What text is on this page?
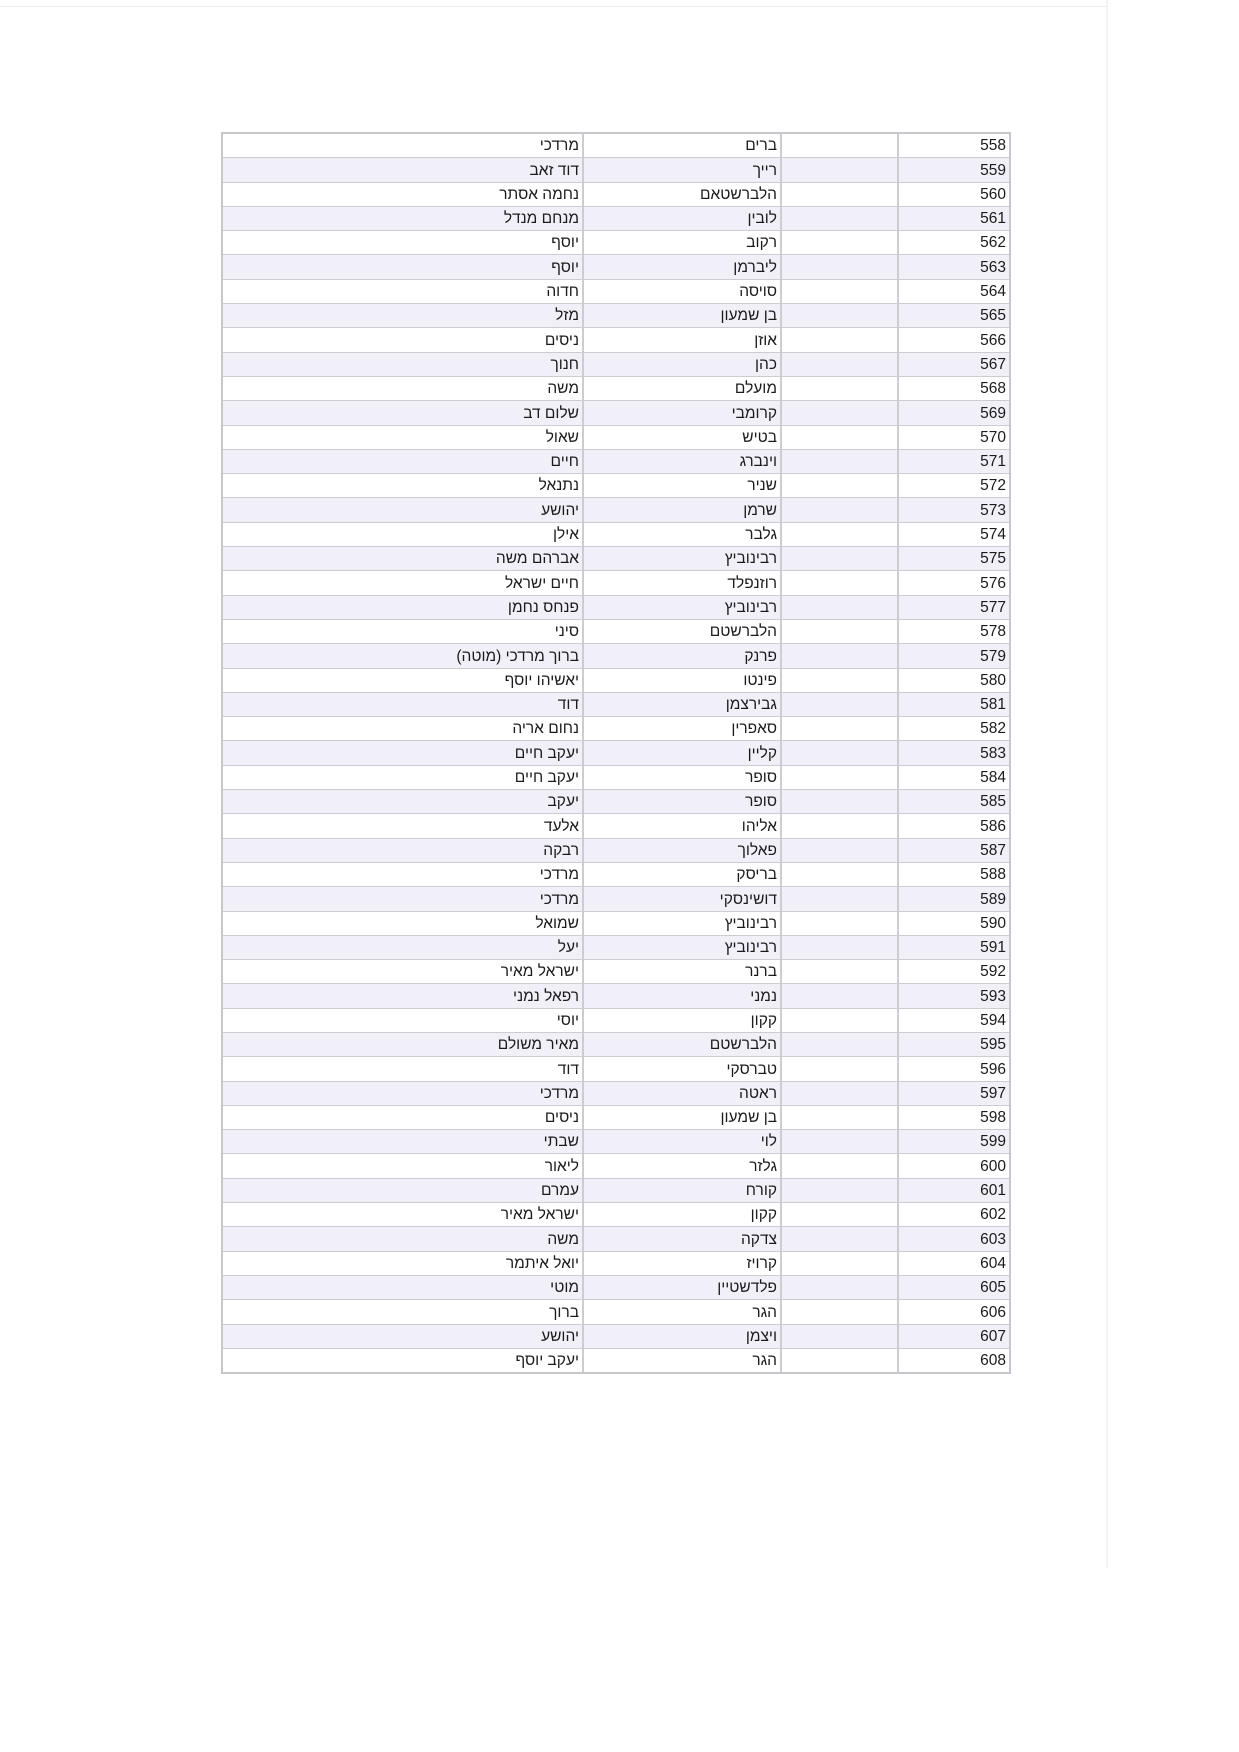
מרדכי	ברים		558
דוד זאב	רייך		559
נחמה אסתר	הלברשטאם		560
מנחם מנדל	לובין		561
יוסף	רקוב		562
יוסף	ליברמן		563
חדוה	סויסה		564
מזל	בן שמעון		565
ניסים	אוזן		566
חנוך	כהן		567
משה	מועלם		568
שלום דב	קרומבי		569
שאול	בטיש		570
חיים	וינברג		571
נתנאל	שניר		572
יהושע	שרמן		573
אילן	גלבר		574
אברהם משה	רבינוביץ		575
חיים ישראל	רוזנפלד		576
פנחס נחמן	רבינוביץ		577
סיני	הלברשטם		578
ברוך מרדכי (מוטה)	פרנק		579
יאשיהו יוסף	פינטו		580
דוד	גבירצמן		581
נחום אריה	סאפרין		582
יעקב חיים	קליין		583
יעקב חיים	סופר		584
יעקב	סופר		585
אלעד	אליהו		586
רבקה	פאלוך		587
מרדכי	בריסק		588
מרדכי	דושינסקי		589
שמואל	רבינוביץ		590
יעל	רבינוביץ		591
ישראל מאיר	ברנר		592
רפאל נמני	נמני		593
יוסי	קקון		594
מאיר משולם	הלברשטם		595
דוד	טברסקי		596
מרדכי	ראטה		597
ניסים	בן שמעון		598
שבתי	לוי		599
ליאור	גלזר		600
עמרם	קורח		601
ישראל מאיר	קקון		602
משה	צדקה		603
יואל איתמר	קרויז		604
מוטי	פלדשטיין		605
ברוך	הגר		606
יהושע	ויצמן		607
יעקב יוסף	הגר		608
